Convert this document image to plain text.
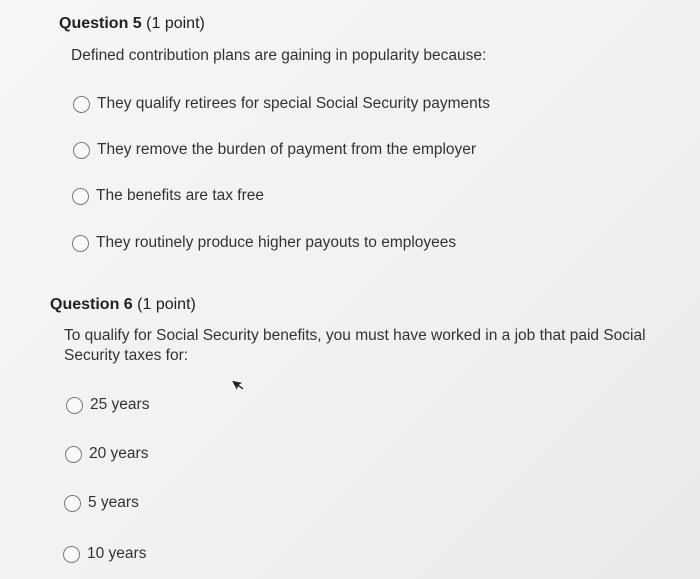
Question 5 (1 point)
Defined contribution plans are gaining in popularity because:
They qualify retirees for special Social Security payments
They remove the burden of payment from the employer
The benefits are tax free
They routinely produce higher payouts to employees
Question 6 (1 point)
To qualify for Social Security benefits, you must have worked in a job that paid Social Security taxes for:
25 years
20 years
5 years
10 years
